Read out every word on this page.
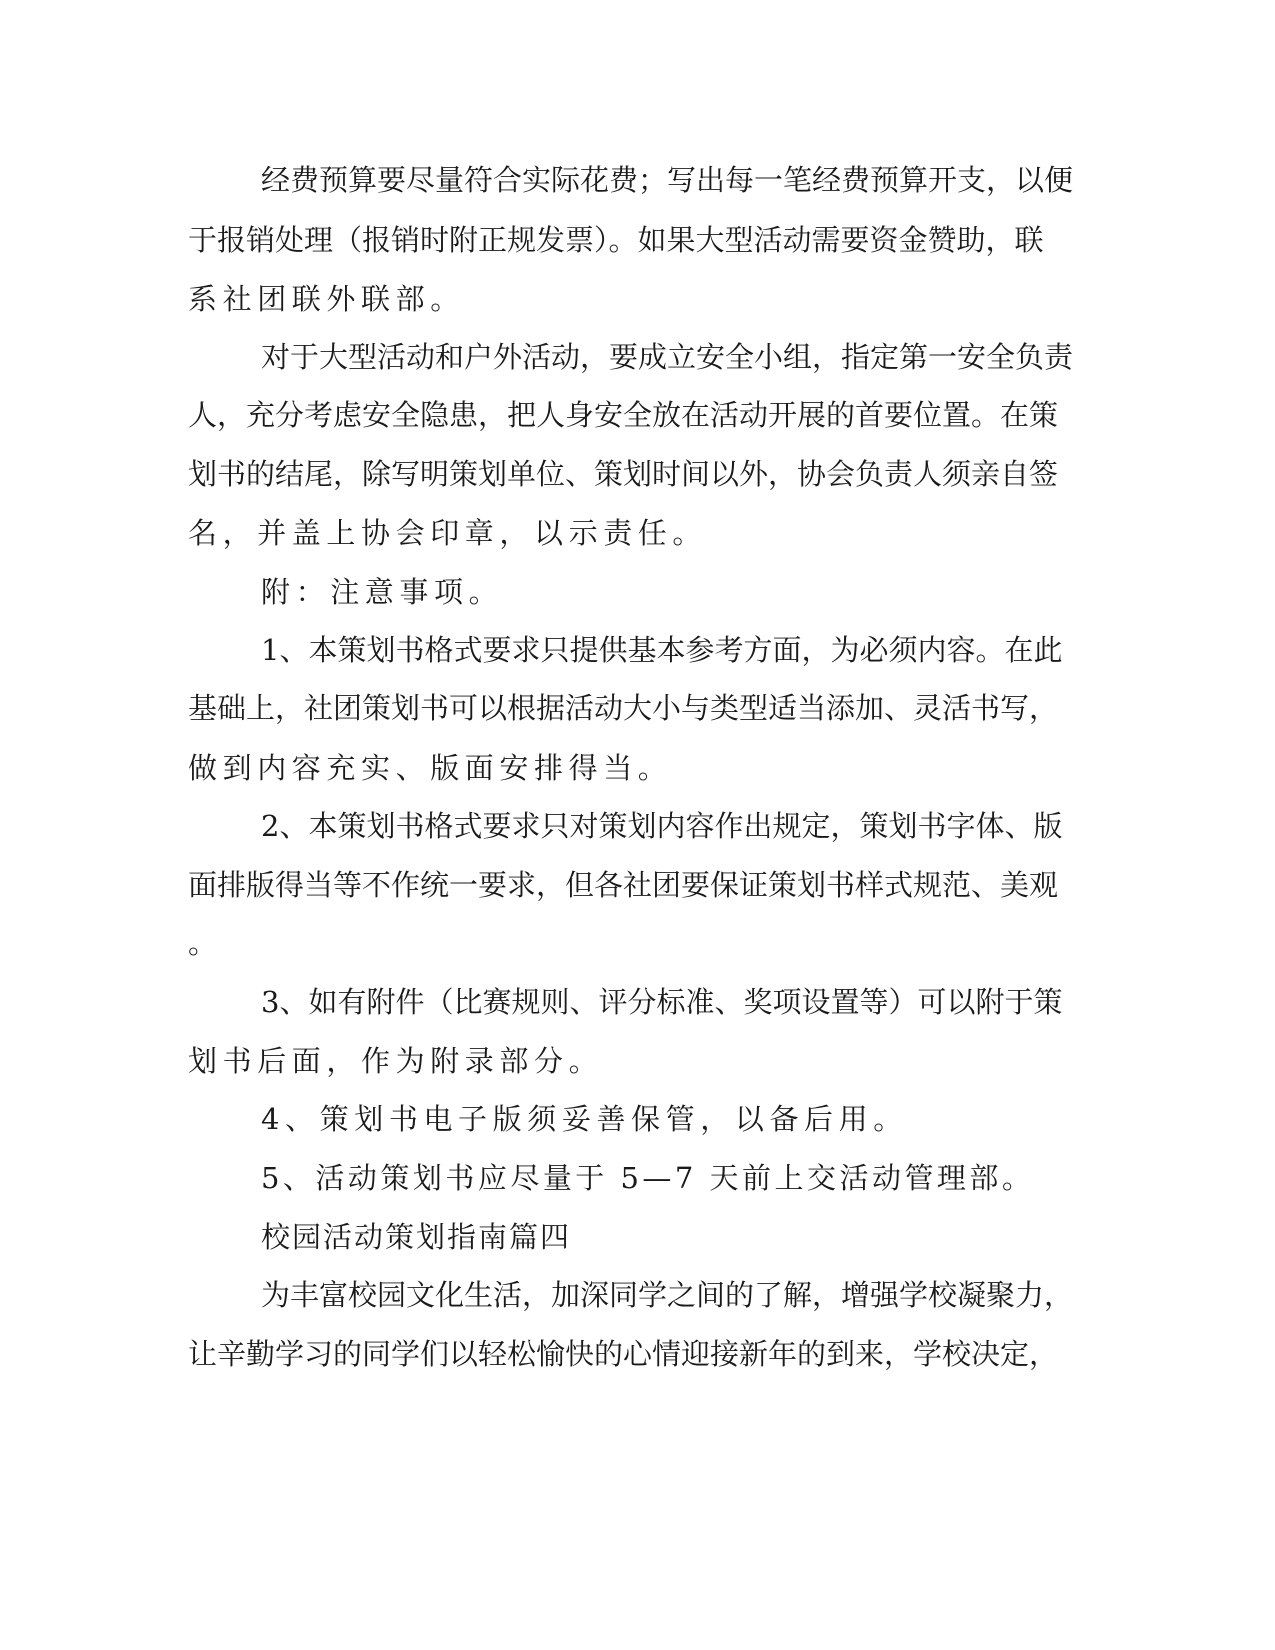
经费预算要尽量符合实际花费；写出每一笔经费预算开支，以便
于报销处理（报销时附正规发票）。如果大型活动需要资金赞助，联
系社团联外联部。
对于大型活动和户外活动，要成立安全小组，指定第一安全负责
人，充分考虑安全隐患，把人身安全放在活动开展的首要位置。在策
划书的结尾，除写明策划单位、策划时间以外，协会负责人须亲自签
名，并盖上协会印章，以示责任。
附：注意事项。
1、本策划书格式要求只提供基本参考方面，为必须内容。在此
基础上，社团策划书可以根据活动大小与类型适当添加、灵活书写，
做到内容充实、版面安排得当。
2、本策划书格式要求只对策划内容作出规定，策划书字体、版
面排版得当等不作统一要求，但各社团要保证策划书样式规范、美观
。
3、如有附件（比赛规则、评分标准、奖项设置等）可以附于策
划书后面，作为附录部分。
4、策划书电子版须妥善保管，以备后用。
5、活动策划书应尽量于 5—7 天前上交活动管理部。
校园活动策划指南篇四
为丰富校园文化生活，加深同学之间的了解，增强学校凝聚力，
让辛勤学习的同学们以轻松愉快的心情迎接新年的到来，学校决定，
